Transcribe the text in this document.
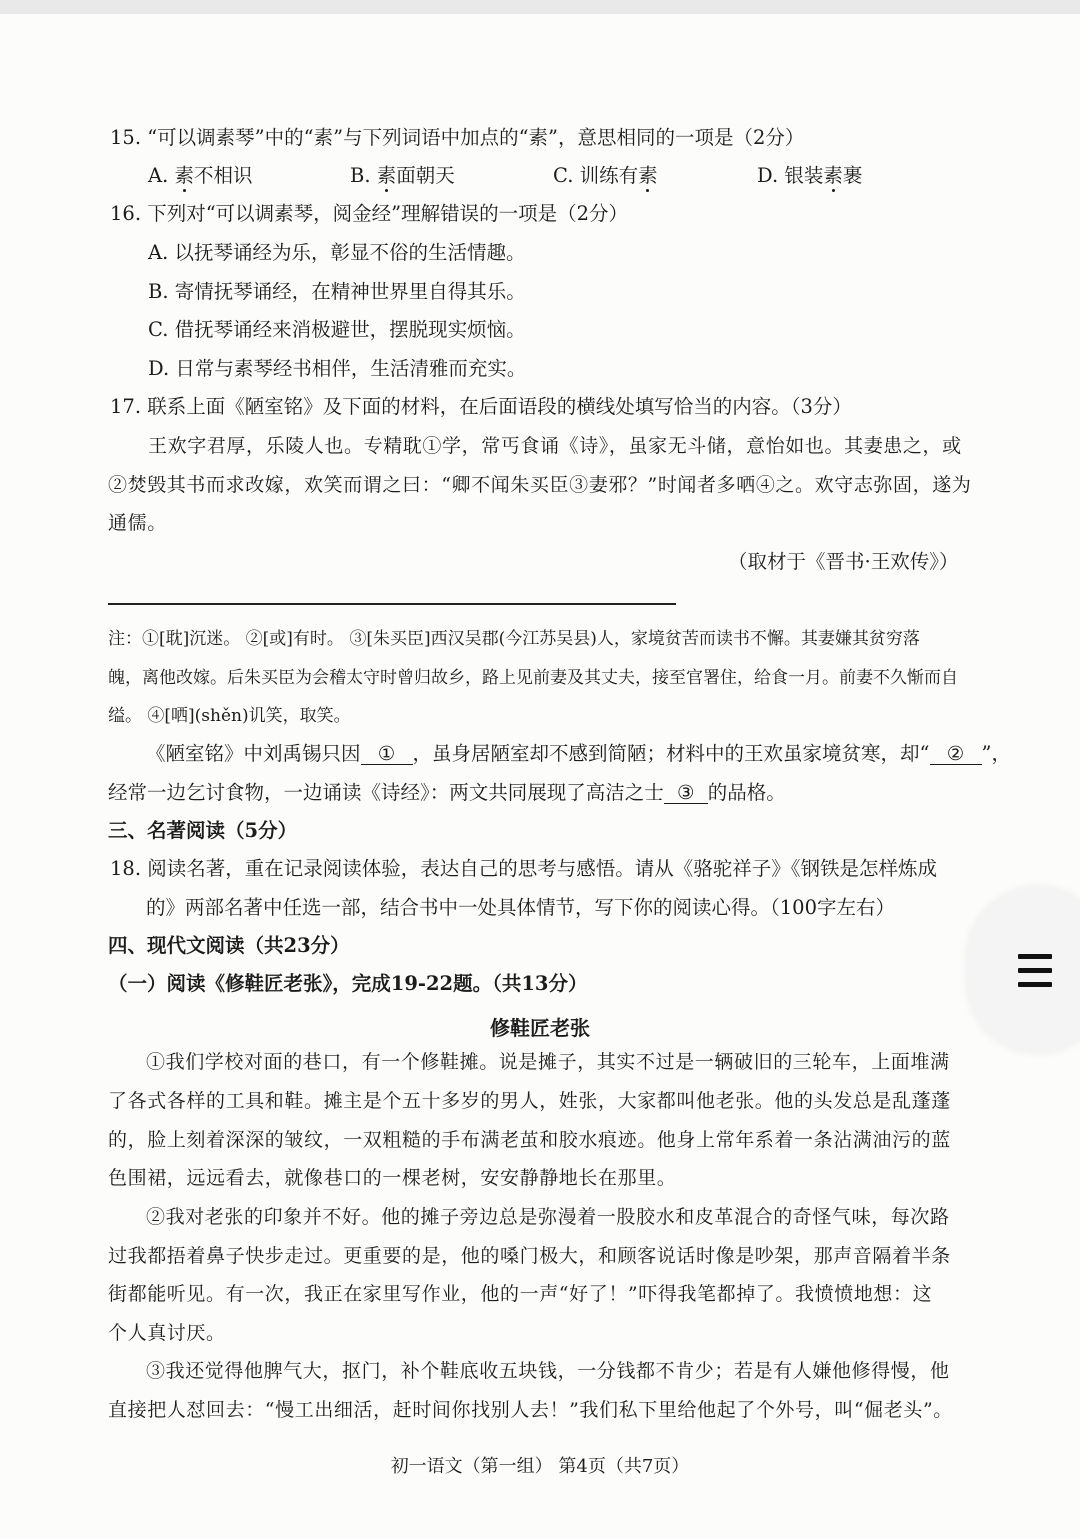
15. “可以调素琴”中的“素”与下列词语中加点的“素”，意思相同的一项是（2分）
A. 素不相识	B. 素面朝天	C. 训练有素	D. 银装素裹
16. 下列对“可以调素琴，阅金经”理解错误的一项是（2分）
A. 以抚琴诵经为乐，彰显不俗的生活情趣。
B. 寄情抚琴诵经，在精神世界里自得其乐。
C. 借抚琴诵经来消极避世，摆脱现实烦恼。
D. 日常与素琴经书相伴，生活清雅而充实。
17. 联系上面《陋室铭》及下面的材料，在后面语段的横线处填写恰当的内容。（3分）
王欢字君厚，乐陵人也。专精耽①学，常丐食诵《诗》，虽家无斗储，意怡如也。其妻患之，或
②焚毁其书而求改嫁，欢笑而谓之曰：“卿不闻朱买臣③妻邪？”时闻者多哂④之。欢守志弥固，遂为
通儒。
（取材于《晋书·王欢传》）
注：①[耽]沉迷。 ②[或]有时。 ③[朱买臣]西汉吴郡(今江苏吴县)人，家境贫苦而读书不懈。其妻嫌其贫穷落
魄，离他改嫁。后朱买臣为会稽太守时曾归故乡，路上见前妻及其丈夫，接至官署住，给食一月。前妻不久惭而自
缢。 ④[哂](shěn)讥笑，取笑。
《陋室铭》中刘禹锡只因 ① ，虽身居陋室却不感到简陋；材料中的王欢虽家境贫寒，却“ ② ”，
经常一边乞讨食物，一边诵读《诗经》：两文共同展现了高洁之士 ③ 的品格。
三、名著阅读（5分）
18. 阅读名著，重在记录阅读体验，表达自己的思考与感悟。请从《骆驼祥子》《钢铁是怎样炼成
的》两部名著中任选一部，结合书中一处具体情节，写下你的阅读心得。（100字左右）
四、现代文阅读（共23分）
（一）阅读《修鞋匠老张》，完成19-22题。（共13分）
修鞋匠老张
①我们学校对面的巷口，有一个修鞋摊。说是摊子，其实不过是一辆破旧的三轮车，上面堆满
了各式各样的工具和鞋。摊主是个五十多岁的男人，姓张，大家都叫他老张。他的头发总是乱蓬蓬
的，脸上刻着深深的皱纹，一双粗糙的手布满老茧和胶水痕迹。他身上常年系着一条沾满油污的蓝
色围裙，远远看去，就像巷口的一棵老树，安安静静地长在那里。
②我对老张的印象并不好。他的摊子旁边总是弥漫着一股胶水和皮革混合的奇怪气味，每次路
过我都捂着鼻子快步走过。更重要的是，他的嗓门极大，和顾客说话时像是吵架，那声音隔着半条
街都能听见。有一次，我正在家里写作业，他的一声“好了！”吓得我笔都掉了。我愤愤地想：这
个人真讨厌。
③我还觉得他脾气大，抠门，补个鞋底收五块钱，一分钱都不肯少；若是有人嫌他修得慢，他
直接把人怼回去：“慢工出细活，赶时间你找别人去！”我们私下里给他起了个外号，叫“倔老头”。
初一语文（第一组） 第4页（共7页）
